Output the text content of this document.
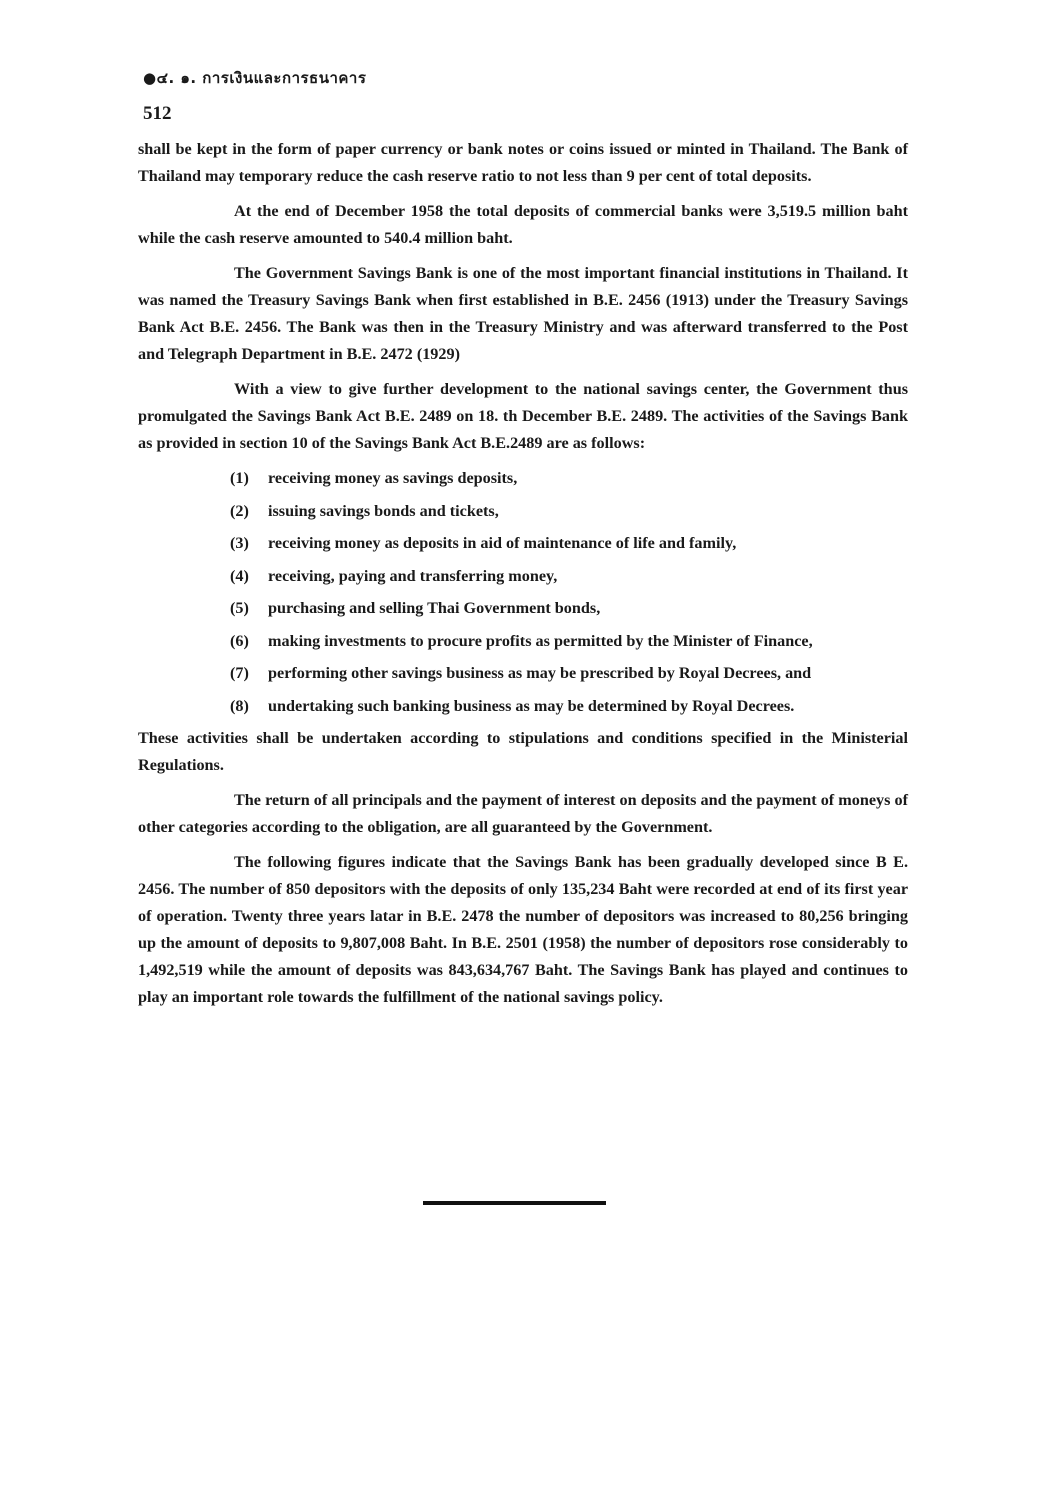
●๔. ๑. การเงินและการธนาคาร
512

shall be kept in the form of paper currency or bank notes or coins issued or minted in Thailand. The Bank of Thailand may temporary reduce the cash reserve ratio to not less than 9 per cent of total deposits.

At the end of December 1958 the total deposits of commercial banks were 3,519.5 million baht while the cash reserve amounted to 540.4 million baht.

The Government Savings Bank is one of the most important financial institutions in Thailand. It was named the Treasury Savings Bank when first established in B.E. 2456 (1913) under the Treasury Savings Bank Act B.E. 2456. The Bank was then in the Treasury Ministry and was afterward transferred to the Post and Telegraph Department in B.E. 2472 (1929)

With a view to give further development to the national savings center, the Government thus promulgated the Savings Bank Act B.E. 2489 on 18. th December B.E. 2489. The activities of the Savings Bank as provided in section 10 of the Savings Bank Act B.E.2489 are as follows:

(1) receiving money as savings deposits,
(2) issuing savings bonds and tickets,
(3) receiving money as deposits in aid of maintenance of life and family,
(4) receiving, paying and transferring money,
(5) purchasing and selling Thai Government bonds,
(6) making investments to procure profits as permitted by the Minister of Finance,
(7) performing other savings business as may be prescribed by Royal Decrees, and
(8) undertaking such banking business as may be determined by Royal Decrees.

These activities shall be undertaken according to stipulations and conditions specified in the Ministerial Regulations.

The return of all principals and the payment of interest on deposits and the payment of moneys of other categories according to the obligation, are all guaranteed by the Government.

The following figures indicate that the Savings Bank has been gradually developed since B E. 2456. The number of 850 depositors with the deposits of only 135,234 Baht were recorded at end of its first year of operation. Twenty three years latar in B.E. 2478 the number of depositors was increased to 80,256 bringing up the amount of deposits to 9,807,008 Baht. In B.E. 2501 (1958) the number of depositors rose considerably to 1,492,519 while the amount of deposits was 843,634,767 Baht. The Savings Bank has played and continues to play an important role towards the fulfillment of the national savings policy.
